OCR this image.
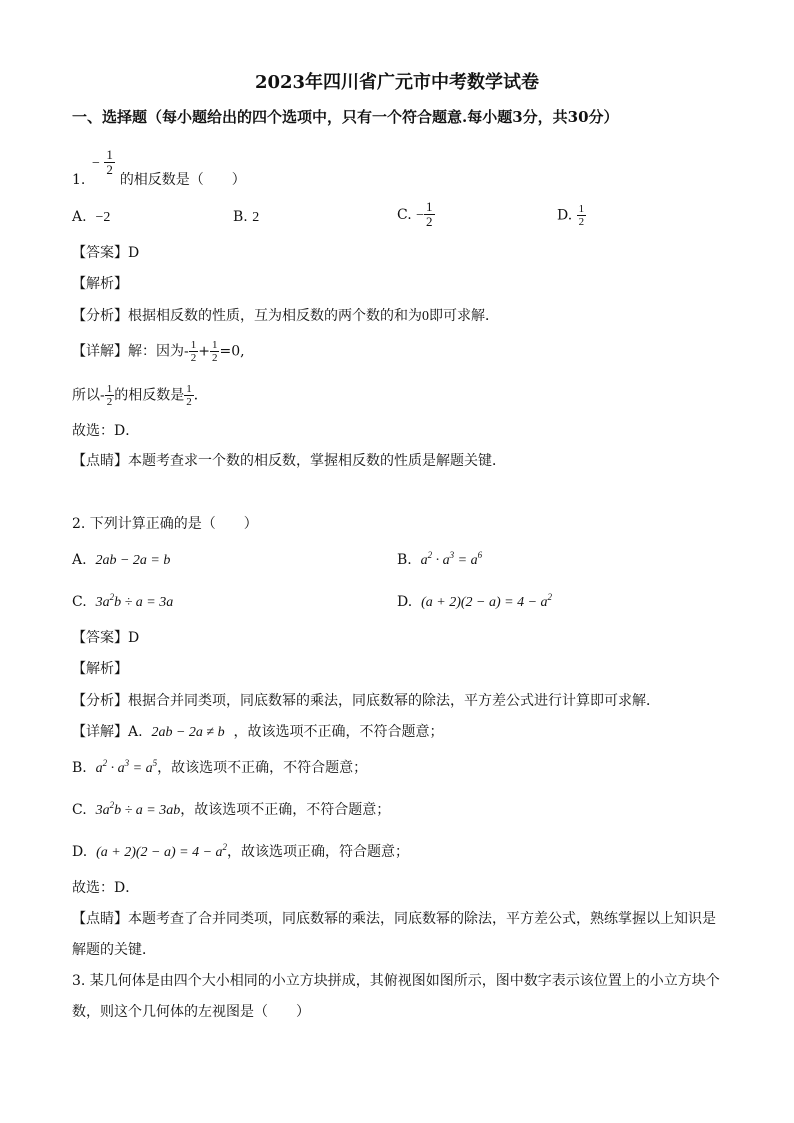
2023年四川省广元市中考数学试卷
一、选择题（每小题给出的四个选项中，只有一个符合题意.每小题3分，共30分）
− $\frac{1}{2}$
1. 的相反数是（　　）
A. −2	B. 2	C. − $\frac{1}{2}$	D. $\frac{1}{2}$
【答案】D
【解析】
【分析】根据相反数的性质，互为相反数的两个数的和为0即可求解．
【详解】解：因为- $\frac{1}{2} + \frac{1}{2} =0$,
所以- $\frac{1}{2}$ 的相反数是 $\frac{1}{2}$ ．
故选：D．
【点睛】本题考查求一个数的相反数，掌握相反数的性质是解题关键．
2. 下列计算正确的是（　　）
A. 2ab − 2a = b	B. $a^2 \cdot a^3 = a^6$
C. $3a^2b \div a = 3a$	D. $(a + 2)(2 - a) = 4 - a^2$
【答案】D
【解析】
【分析】根据合并同类项，同底数幂的乘法，同底数幂的除法，平方差公式进行计算即可求解．
【详解】A. 2ab − 2a ≠ b ，故该选项不正确，不符合题意；
B. $a^2 \cdot a^3 = a^5$，故该选项不正确，不符合题意；
C. $3a^2b \div a = 3ab$，故该选项不正确，不符合题意；
D. $(a + 2)(2 - a) = 4 - a^2$，故该选项正确，符合题意；
故选：D．
【点睛】本题考查了合并同类项，同底数幂的乘法，同底数幂的除法，平方差公式，熟练掌握以上知识是
解题的关键．
3. 某几何体是由四个大小相同的小立方块拼成，其俯视图如图所示，图中数字表示该位置上的小立方块个
数，则这个几何体的左视图是（　　）
